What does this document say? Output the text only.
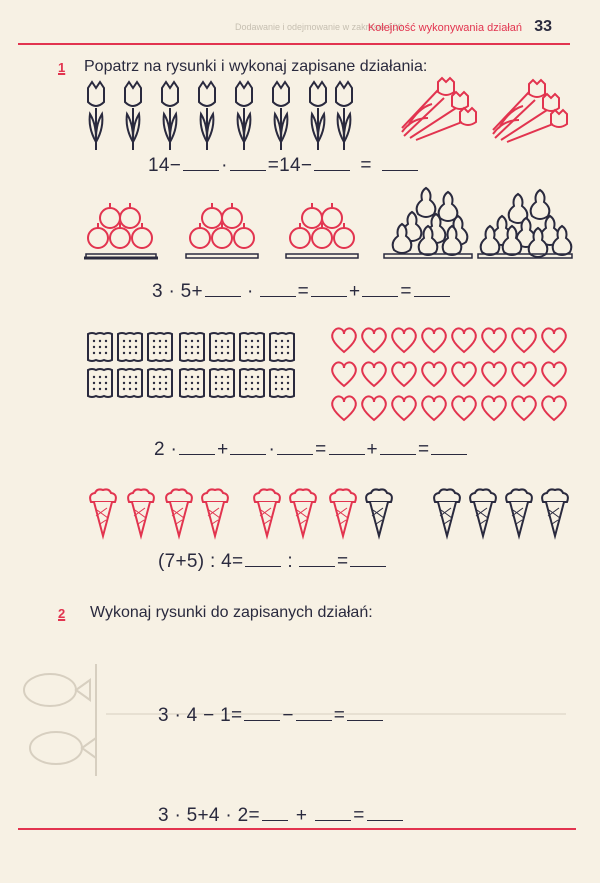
Dodawanie i odejmowanie w zakresie 100
Kolejność wykonywania działań 33
1 Popatrz na rysunki i wykonaj zapisane działania:
14− · =14−	=
3 · 5+ · = + =
2 · + · = + =
(7+5) : 4= : =
2 Wykonaj rysunki do zapisanych działań:
3 · 4 − 1= − =
3 · 5+4 · 2= + =
